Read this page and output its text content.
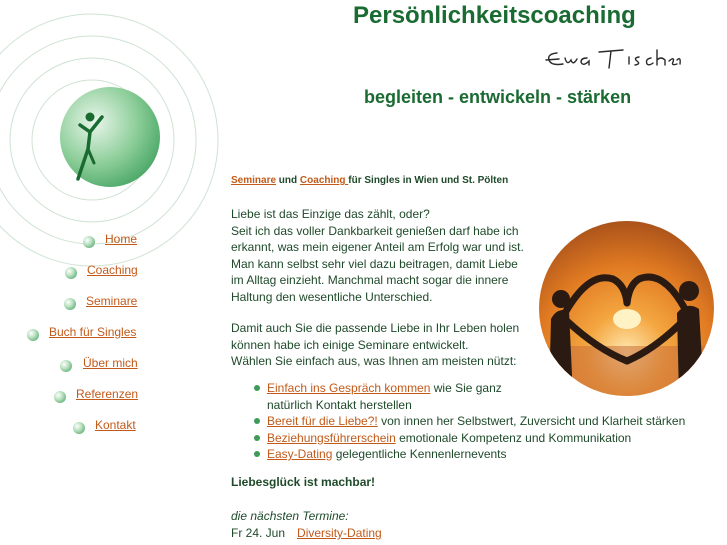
Persönlichkeitscoaching
begleiten - entwickeln - stärken
Home
Coaching
Seminare
Buch für Singles
Über mich
Referenzen
Kontakt
Seminare und Coaching für Singles in Wien und St. Pölten
Liebe ist das Einzige das zählt, oder?
Seit ich das voller Dankbarkeit genießen darf habe ich
erkannt, was mein eigener Anteil am Erfolg war und ist.
Man kann selbst sehr viel dazu beitragen, damit Liebe
im Alltag einzieht. Manchmal macht sogar die innere
Haltung den wesentliche Unterschied.
Damit auch Sie die passende Liebe in Ihr Leben holen
können habe ich einige Seminare entwickelt.
Wählen Sie einfach aus, was Ihnen am meisten nützt:
Einfach ins Gespräch kommen wie Sie ganz
natürlich Kontakt herstellen
Bereit für die Liebe?! von innen her Selbstwert, Zuversicht und Klarheit stärken
Beziehungsführerschein emotionale Kompetenz und Kommunikation
Easy-Dating gelegentliche Kennenlernevents
Liebesglück ist machbar!
die nächsten Termine:
Fr 24. Jun Diversity-Dating
